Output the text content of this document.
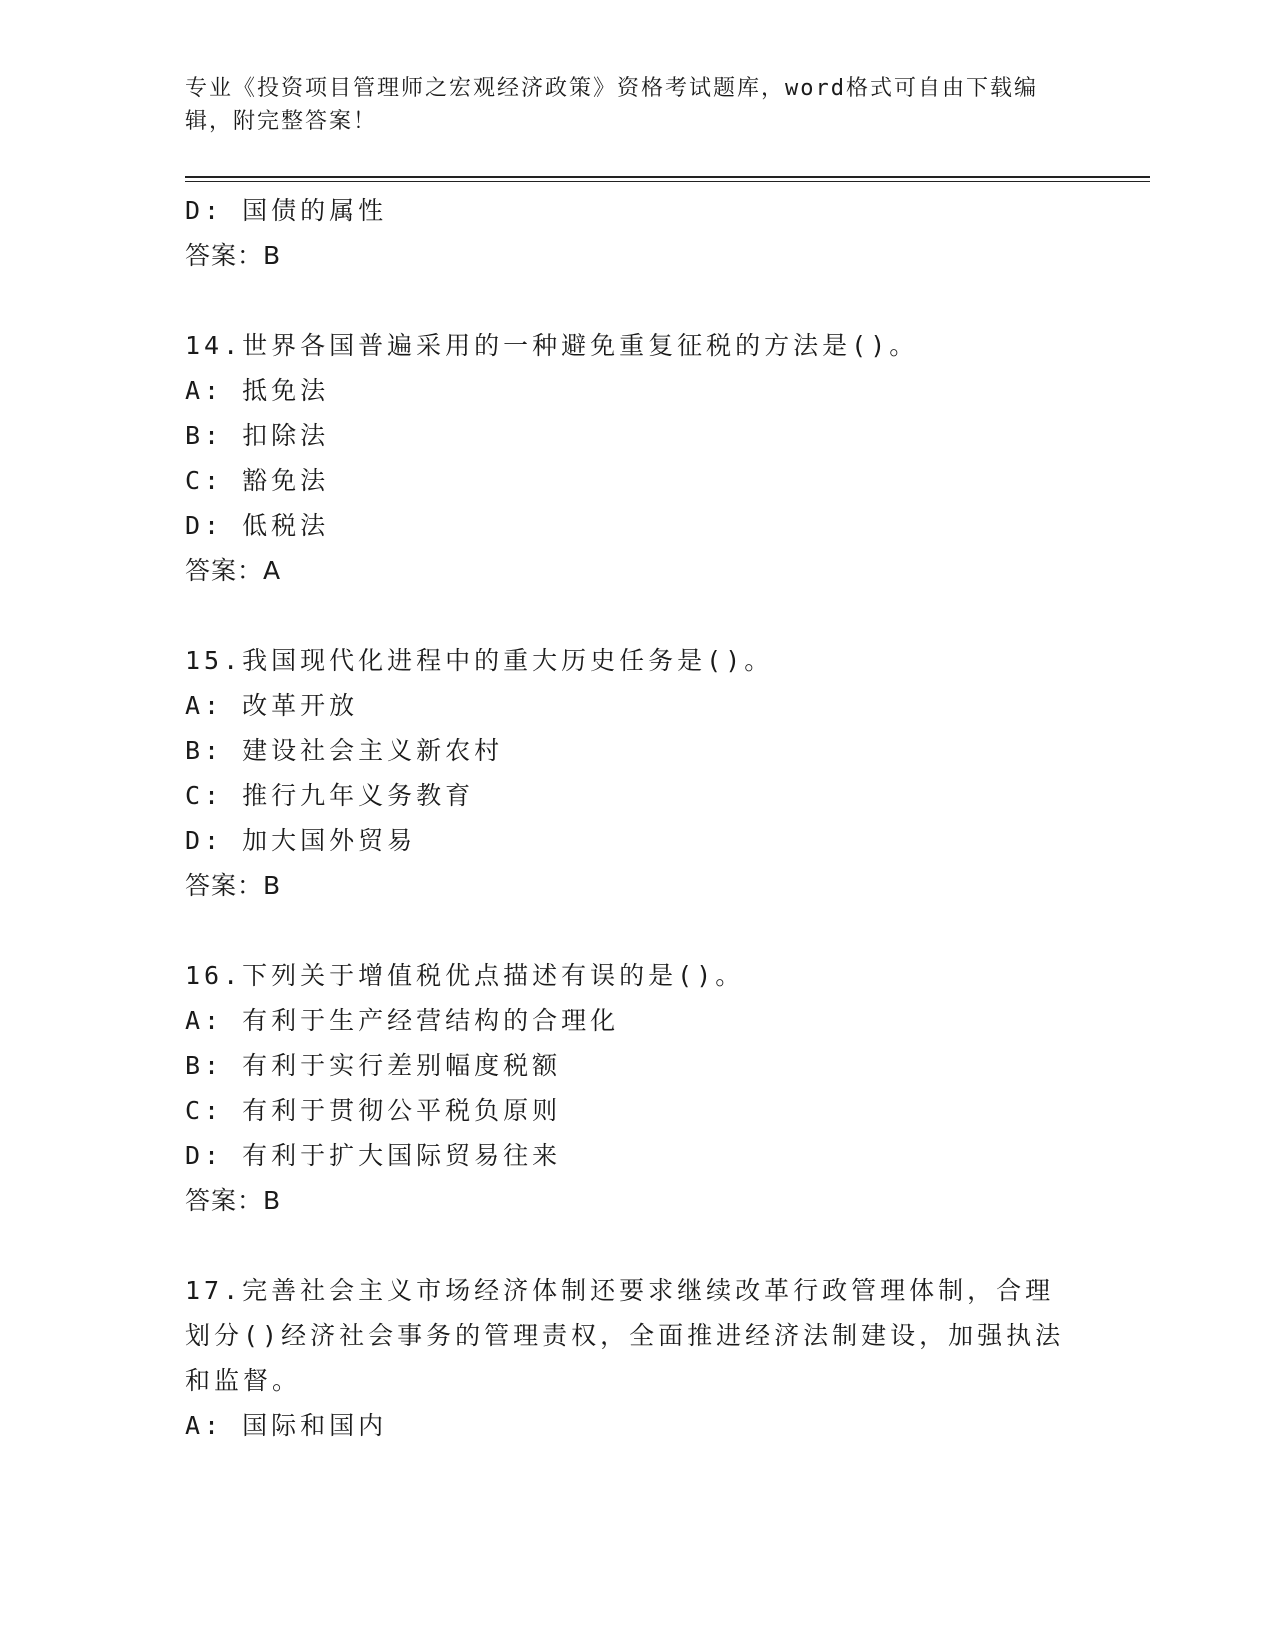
专业《投资项目管理师之宏观经济政策》资格考试题库，word格式可自由下载编辑，附完整答案！
D: 国债的属性
答案：B
14.世界各国普遍采用的一种避免重复征税的方法是()。
A: 抵免法
B: 扣除法
C: 豁免法
D: 低税法
答案：A
15.我国现代化进程中的重大历史任务是()。
A: 改革开放
B: 建设社会主义新农村
C: 推行九年义务教育
D: 加大国外贸易
答案：B
16.下列关于增值税优点描述有误的是()。
A: 有利于生产经营结构的合理化
B: 有利于实行差别幅度税额
C: 有利于贯彻公平税负原则
D: 有利于扩大国际贸易往来
答案：B
17.完善社会主义市场经济体制还要求继续改革行政管理体制，合理划分()经济社会事务的管理责权，全面推进经济法制建设，加强执法和监督。
A: 国际和国内
